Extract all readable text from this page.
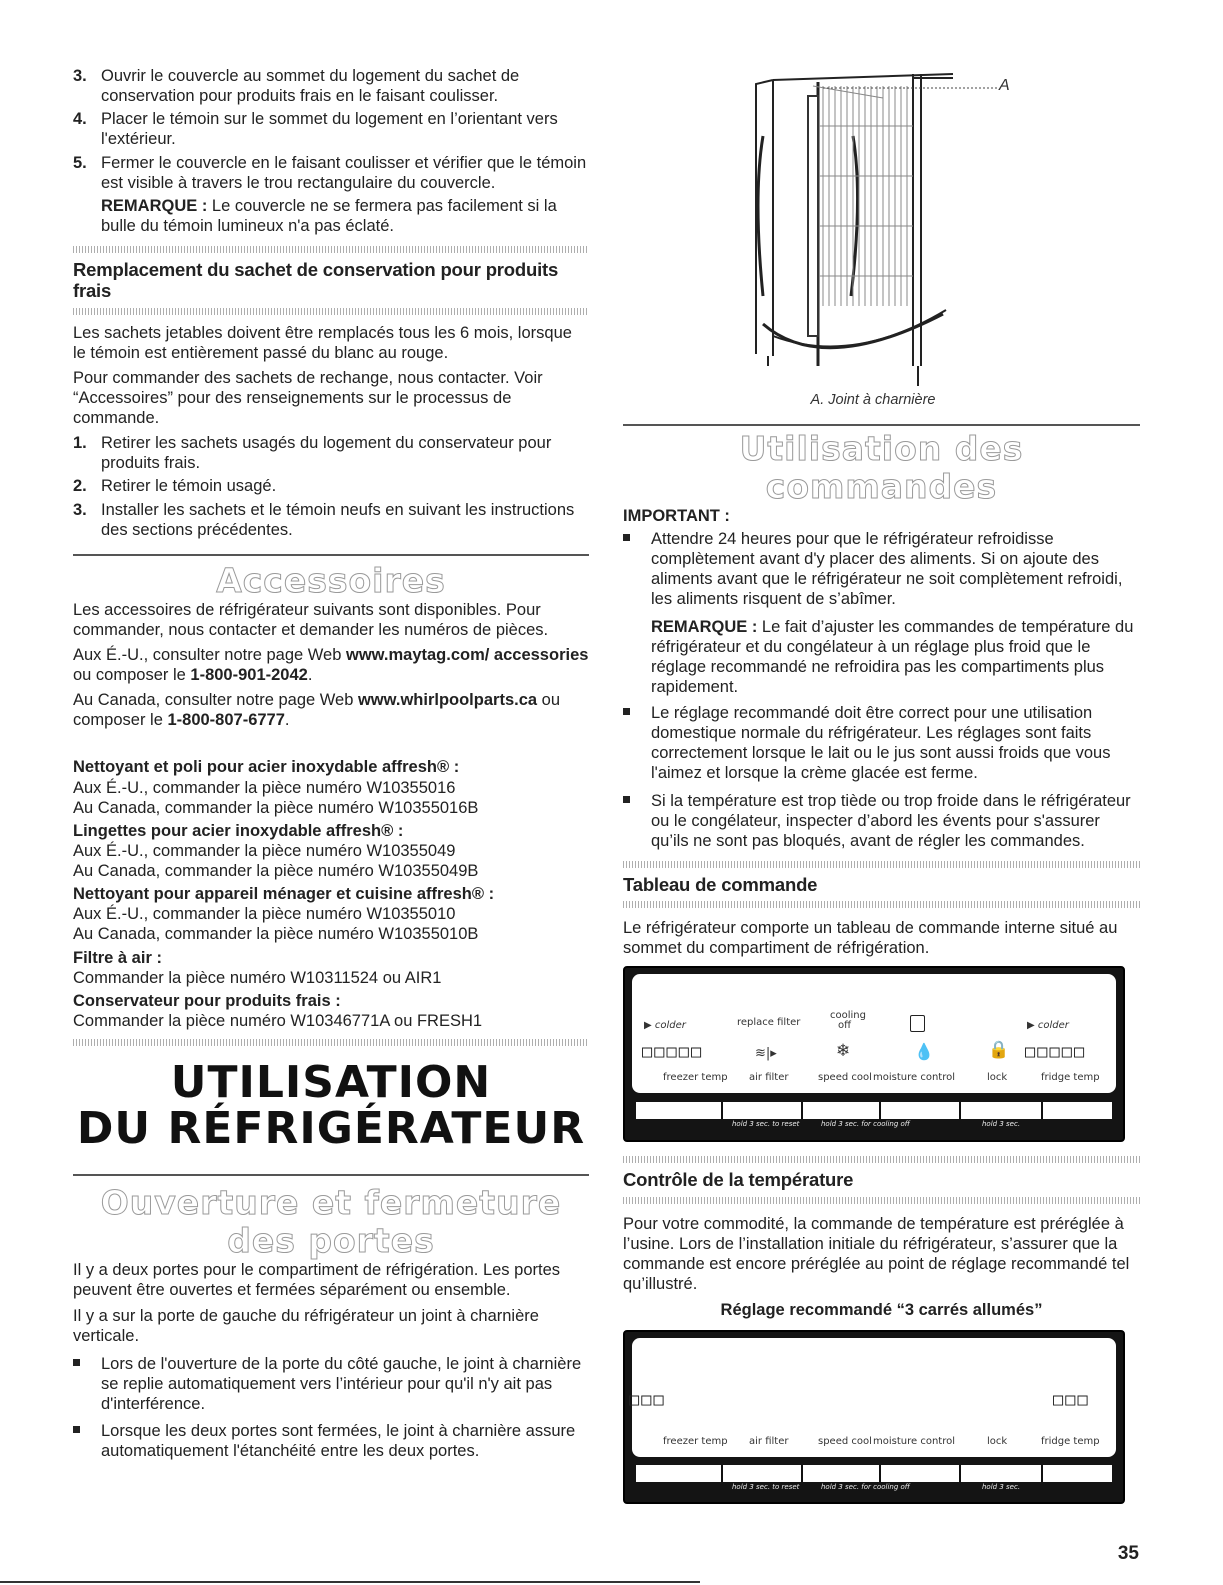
3. Ouvrir le couvercle au sommet du logement du sachet de conservation pour produits frais en le faisant coulisser.
4. Placer le témoin sur le sommet du logement en l’orientant vers l'extérieur.
5. Fermer le couvercle en le faisant coulisser et vérifier que le témoin est visible à travers le trou rectangulaire du couvercle.

REMARQUE : Le couvercle ne se fermera pas facilement si la bulle du témoin lumineux n'a pas éclaté.

Remplacement du sachet de conservation pour produits frais

Les sachets jetables doivent être remplacés tous les 6 mois, lorsque le témoin est entièrement passé du blanc au rouge.

Pour commander des sachets de rechange, nous contacter. Voir “Accessoires” pour des renseignements sur le processus de commande.

1. Retirer les sachets usagés du logement du conservateur pour produits frais.
2. Retirer le témoin usagé.
3. Installer les sachets et le témoin neufs en suivant les instructions des sections précédentes.
Accessoires

Les accessoires de réfrigérateur suivants sont disponibles. Pour commander, nous contacter et demander les numéros de pièces.

Aux É.-U., consulter notre page Web www.maytag.com/ accessories ou composer le 1-800-901-2042.

Au Canada, consulter notre page Web www.whirlpoolparts.ca ou composer le 1-800-807-6777.

Nettoyant et poli pour acier inoxydable affresh® :
Aux É.-U., commander la pièce numéro W10355016
Au Canada, commander la pièce numéro W10355016B
Lingettes pour acier inoxydable affresh® :
Aux É.-U., commander la pièce numéro W10355049
Au Canada, commander la pièce numéro W10355049B
Nettoyant pour appareil ménager et cuisine affresh® :
Aux É.-U., commander la pièce numéro W10355010
Au Canada, commander la pièce numéro W10355010B
Filtre à air :
Commander la pièce numéro W10311524 ou AIR1
Conservateur pour produits frais :
Commander la pièce numéro W10346771A ou FRESH1
UTILISATION
DU RÉFRIGÉRATEUR
Ouverture et fermeture
des portes

Il y a deux portes pour le compartiment de réfrigération. Les portes peuvent être ouvertes et fermées séparément ou ensemble.

Il y a sur la porte de gauche du réfrigérateur un joint à charnière verticale.

Lors de l'ouverture de la porte du côté gauche, le joint à charnière se replie automatiquement vers l’intérieur pour qu'il n'y ait pas d'interférence.
Lorsque les deux portes sont fermées, le joint à charnière assure automatiquement l'étanchéité entre les deux portes.
A
A. Joint à charnière
Utilisation des commandes
IMPORTANT :
Attendre 24 heures pour que le réfrigérateur refroidisse complètement avant d'y placer des aliments. Si on ajoute des aliments avant que le réfrigérateur ne soit complètement refroidi, les aliments risquent de s’abîmer.

REMARQUE : Le fait d’ajuster les commandes de température du réfrigérateur et du congélateur à un réglage plus froid que le réglage recommandé ne refroidira pas les compartiments plus rapidement.

Le réglage recommandé doit être correct pour une utilisation domestique normale du réfrigérateur. Les réglages sont faits correctement lorsque le lait ou le jus sont aussi froids que vous l'aimez et lorsque la crème glacée est ferme.
Si la température est trop tiède ou trop froide dans le réfrigérateur ou le congélateur, inspecter d’abord les évents pour s'assurer qu’ils ne sont pas bloqués, avant de régler les commandes.
Tableau de commande

Le réfrigérateur comporte un tableau de commande interne situé au sommet du compartiment de réfrigération.

▶ colder	replace filter
cooling
off	▶ colder
□□□□□	≋|▸	❄	💧	🔒 □□□□□
freezer temp air filter	speed cool moisture control	lock	fridge temp
hold 3 sec. to reset	hold 3 sec. for cooling off	hold 3 sec.
Contrôle de la température

Pour votre commodité, la commande de température est préréglée à l’usine. Lors de l’installation initiale du réfrigérateur, s’assurer que la commande est encore préréglée au point de réglage recommandé tel qu’illustré.

Réglage recommandé “3 carrés allumés”
□□□	□□□
freezer temp air filter	speed cool moisture control	lock	fridge temp
hold 3 sec. to reset	hold 3 sec. for cooling off	hold 3 sec.
35
